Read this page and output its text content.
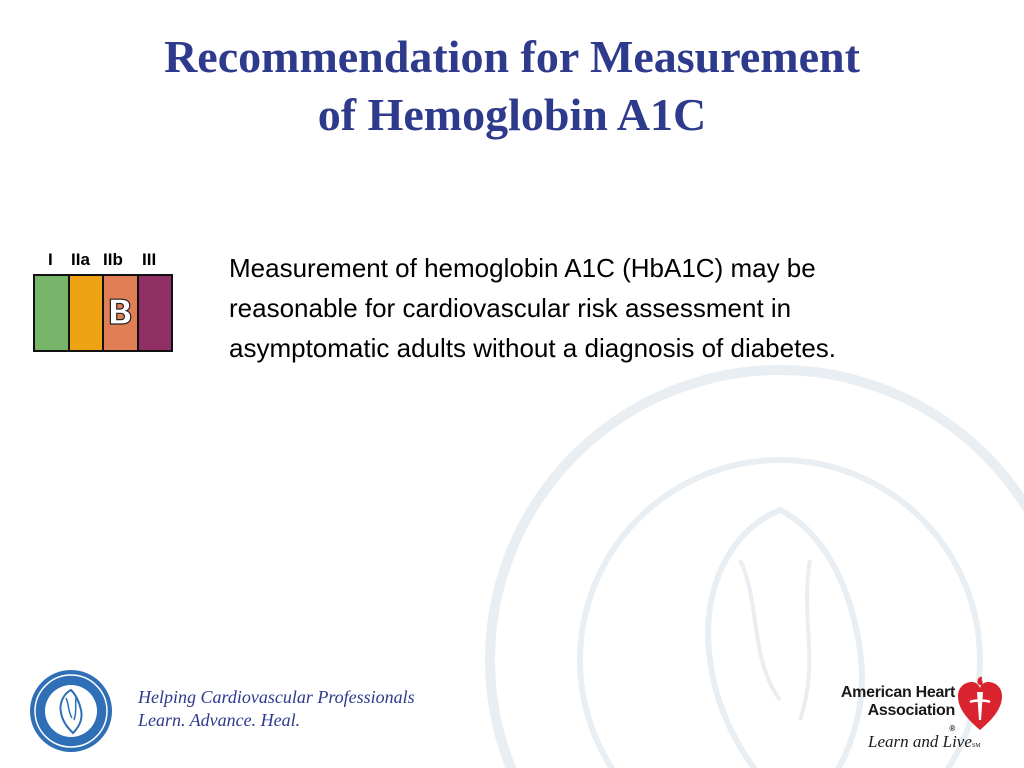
Recommendation for Measurement
of Hemoglobin A1C
I IIa IIb III
B
Measurement of hemoglobin A1C (HbA1C) may be reasonable for cardiovascular risk assessment in asymptomatic adults without a diagnosis of diabetes.
Helping Cardiovascular Professionals
Learn. Advance. Heal.
American Heart
Association
®
Learn and LiveSM
